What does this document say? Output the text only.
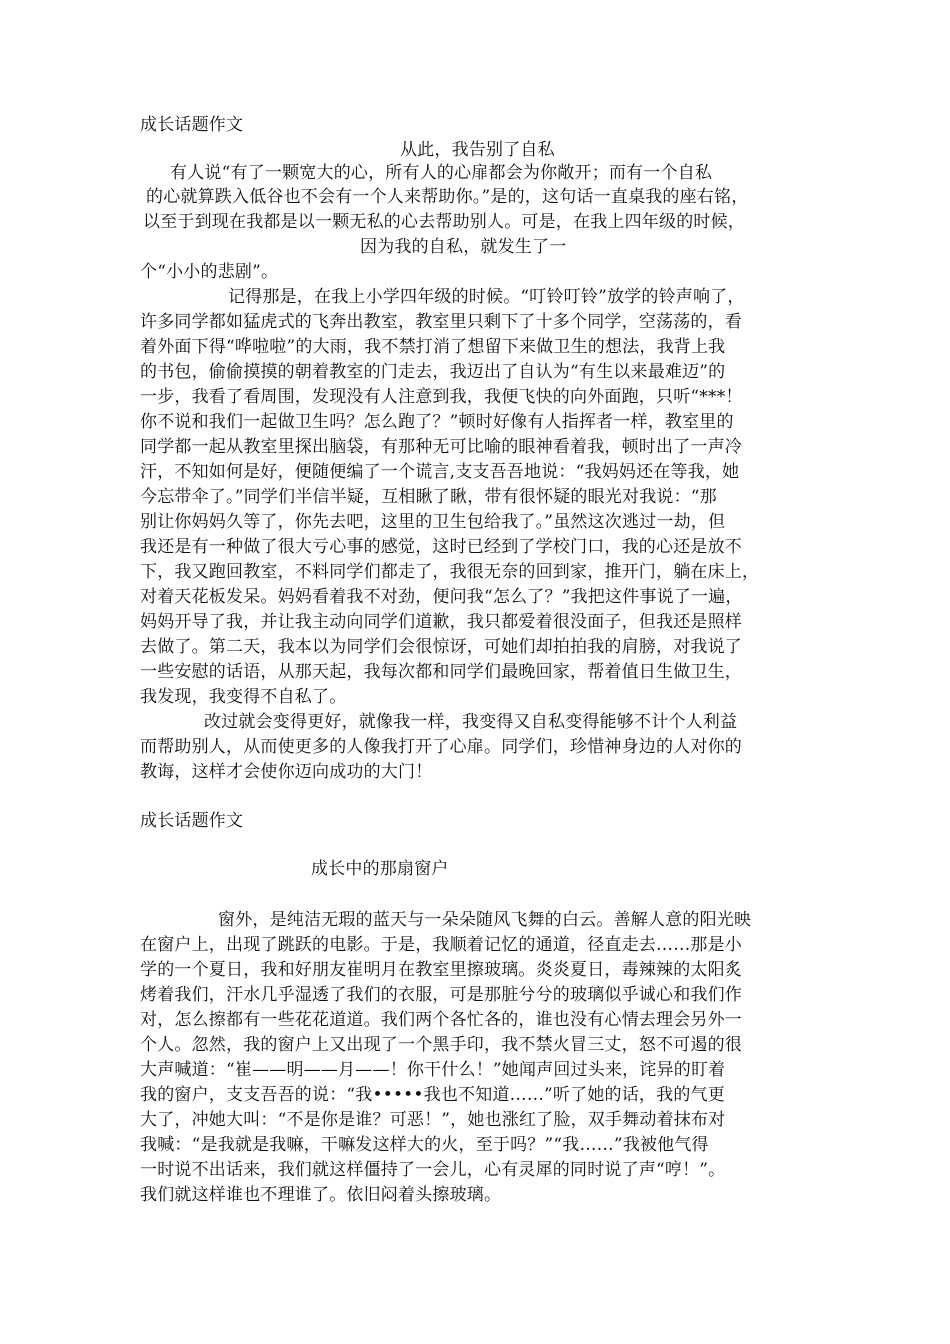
成长话题作文
从此，我告别了自私
有人说“有了一颗宽大的心，所有人的心扉都会为你敞开；而有一个自私
的心就算跌入低谷也不会有一个人来帮助你。”是的，这句话一直桌我的座右铭，
以至于到现在我都是以一颗无私的心去帮助别人。可是，在我上四年级的时候，
因为我的自私，就发生了一
个“小小的悲剧”。
记得那是，在我上小学四年级的时候。“叮铃叮铃”放学的铃声响了，
许多同学都如猛虎式的飞奔出教室，教室里只剩下了十多个同学，空荡荡的，看
着外面下得“哗啦啦”的大雨，我不禁打消了想留下来做卫生的想法，我背上我
的书包，偷偷摸摸的朝着教室的门走去，我迈出了自认为“有生以来最难迈”的
一步，我看了看周围，发现没有人注意到我，我便飞快的向外面跑，只听“***！
你不说和我们一起做卫生吗？怎么跑了？”顿时好像有人指挥者一样，教室里的
同学都一起从教室里探出脑袋，有那种无可比喻的眼神看着我，顿时出了一声冷
汗，不知如何是好，便随便编了一个谎言,支支吾吾地说：“我妈妈还在等我，她
今忘带伞了。”同学们半信半疑，互相瞅了瞅，带有很怀疑的眼光对我说：“那
别让你妈妈久等了，你先去吧，这里的卫生包给我了。”虽然这次逃过一劫，但
我还是有一种做了很大亏心事的感觉，这时已经到了学校门口，我的心还是放不
下，我又跑回教室，不料同学们都走了，我很无奈的回到家，推开门，躺在床上，
对着天花板发呆。妈妈看着我不对劲，便问我“怎么了？”我把这件事说了一遍，
妈妈开导了我，并让我主动向同学们道歉，我只都爱着很没面子，但我还是照样
去做了。第二天，我本以为同学们会很惊讶，可她们却拍拍我的肩膀，对我说了
一些安慰的话语，从那天起，我每次都和同学们最晚回家，帮着值日生做卫生，
我发现，我变得不自私了。
改过就会变得更好，就像我一样，我变得又自私变得能够不计个人利益
而帮助别人，从而使更多的人像我打开了心扉。同学们，珍惜神身边的人对你的
教诲，这样才会使你迈向成功的大门！
成长话题作文
成长中的那扇窗户
窗外，是纯洁无瑕的蓝天与一朵朵随风飞舞的白云。善解人意的阳光映
在窗户上，出现了跳跃的电影。于是，我顺着记忆的通道，径直走去……那是小
学的一个夏日，我和好朋友崔明月在教室里擦玻璃。炎炎夏日，毒辣辣的太阳炙
烤着我们，汗水几乎湿透了我们的衣服，可是那脏兮兮的玻璃似乎诚心和我们作
对，怎么擦都有一些花花道道。我们两个各忙各的，谁也没有心情去理会另外一
个人。忽然，我的窗户上又出现了一个黑手印，我不禁火冒三丈，怒不可遏的很
大声喊道：“崔——明——月——！你干什么！”她闻声回过头来，诧异的盯着
我的窗户，支支吾吾的说：“我•••••我也不知道……”听了她的话，我的气更
大了，冲她大叫：“不是你是谁？可恶！”，她也涨红了脸，双手舞动着抹布对
我喊：“是我就是我嘛，干嘛发这样大的火，至于吗？”“我……”我被他气得
一时说不出话来，我们就这样僵持了一会儿，心有灵犀的同时说了声“哼！”。
我们就这样谁也不理谁了。依旧闷着头擦玻璃。
